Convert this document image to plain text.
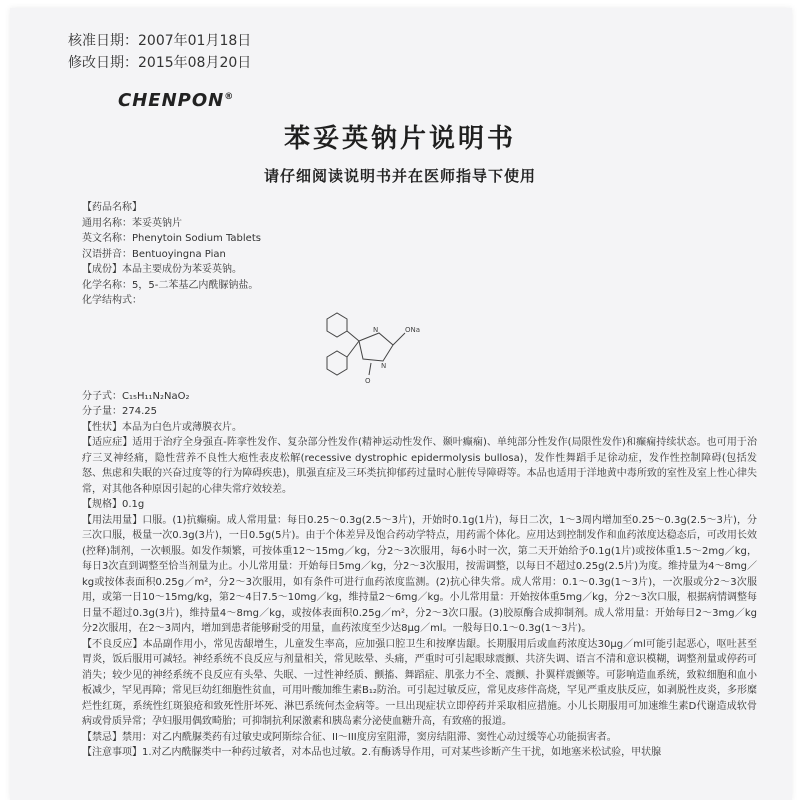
核准日期：2007年01月18日
修改日期：2015年08月20日
CHENPON®
苯妥英钠片说明书
请仔细阅读说明书并在医师指导下使用
【药品名称】
通用名称：苯妥英钠片
英文名称：Phenytoin Sodium Tablets
汉语拼音：Bentuoyingna Pian
【成份】本品主要成份为苯妥英钠。
化学名称：5，5-二苯基乙内酰脲钠盐。
化学结构式：
N
N
O
ONa
分子式：C₁₅H₁₁N₂NaO₂
分子量：274.25
【性状】本品为白色片或薄膜衣片。
【适应症】适用于治疗全身强直-阵挛性发作、复杂部分性发作(精神运动性发作、颞叶癫痫)、单纯部分性发作(局限性发作)和癫痫持续状态。也可用于治疗三叉神经痛，隐性营养不良性大疱性表皮松解(recessive dystrophic epidermolysis bullosa)，发作性舞蹈手足徐动症，发作性控制障碍(包括发怒、焦虑和失眠的兴奋过度等的行为障碍疾患)，肌强直症及三环类抗抑郁药过量时心脏传导障碍等。本品也适用于洋地黄中毒所致的室性及室上性心律失常，对其他各种原因引起的心律失常疗效较差。
【规格】0.1g
【用法用量】口服。(1)抗癫痫。成人常用量：每日0.25～0.3g(2.5～3片)，开始时0.1g(1片)，每日二次，1～3周内增加至0.25～0.3g(2.5～3片)，分三次口服，极量一次0.3g(3片)，一日0.5g(5片)。由于个体差异及饱合药动学特点，用药需个体化。应用达到控制发作和血药浓度达稳态后，可改用长效(控释)制剂，一次顿服。如发作频繁，可按体重12～15mg／kg，分2～3次服用，每6小时一次，第二天开始给予0.1g(1片)或按体重1.5～2mg／kg，每日3次直到调整至恰当剂量为止。小儿常用量：开始每日5mg／kg，分2～3次服用，按需调整，以每日不超过0.25g(2.5片)为度。维持量为4～8mg／kg或按体表面积0.25g／m²，分2～3次服用，如有条件可进行血药浓度监测。(2)抗心律失常。成人常用：0.1～0.3g(1～3片)，一次服或分2～3次服用，或第一日10～15mg/kg，第2～4日7.5～10mg／kg，维持量2～6mg／kg。小儿常用量：开始按体重5mg／kg，分2～3次口服，根据病情调整每日量不超过0.3g(3片)，维持量4～8mg／kg，或按体表面积0.25g／m²，分2～3次口服。(3)胶原酶合成抑制剂。成人常用量：开始每日2～3mg／kg分2次服用，在2～3周内，增加到患者能够耐受的用量，血药浓度至少达8μg／ml。一般每日0.1～0.3g(1～3片)。
【不良反应】本品副作用小，常见齿龈增生，儿童发生率高，应加强口腔卫生和按摩齿龈。长期服用后或血药浓度达30μg／ml可能引起恶心，呕吐甚至胃炎，饭后服用可减轻。神经系统不良反应与剂量相关，常见眩晕、头痛，严重时可引起眼球震颤、共济失调、语言不清和意识模糊，调整剂量或停药可消失；较少见的神经系统不良反应有头晕、失眠、一过性神经质、颤搐、舞蹈症、肌张力不全、震颤、扑翼样震颤等。可影响造血系统，致粒细胞和血小板减少，罕见再障；常见巨幼红细胞性贫血，可用叶酸加维生素B₁₂防治。可引起过敏反应，常见皮疹伴高烧，罕见严重皮肤反应，如剥脱性皮炎，多形糜烂性红斑，系统性红斑狼疮和致死性肝坏死、淋巴系统何杰金病等。一旦出现症状立即停药并采取相应措施。小儿长期服用可加速维生素D代谢造成软骨病或骨质异常；孕妇服用偶致畸胎；可抑制抗利尿激素和胰岛素分泌使血糖升高，有致癌的报道。
【禁忌】禁用：对乙内酰脲类药有过敏史或阿斯综合征、II～III度房室阻滞，窦房结阻滞、窦性心动过缓等心功能损害者。
【注意事项】1.对乙内酰脲类中一种药过敏者，对本品也过敏。2.有酶诱导作用，可对某些诊断产生干扰，如地塞米松试验，甲状腺
